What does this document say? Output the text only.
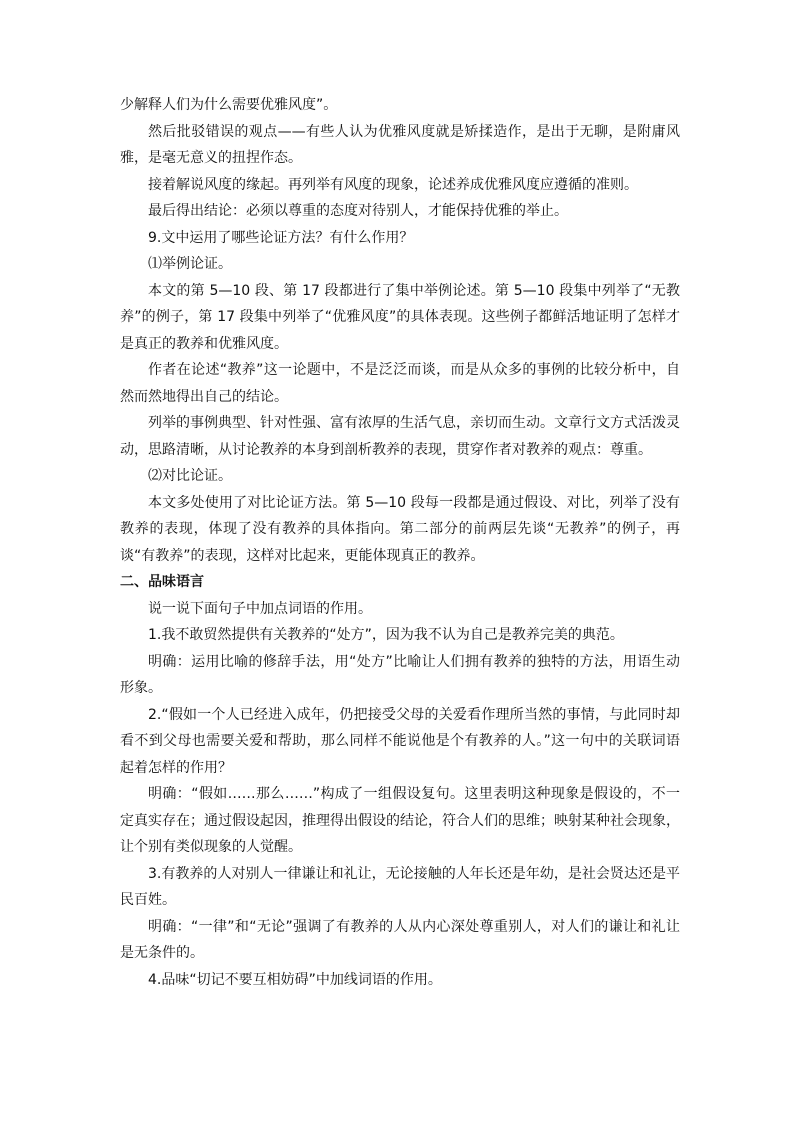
少解释人们为什么需要优雅风度”。

然后批驳错误的观点——有些人认为优雅风度就是矫揉造作，是出于无聊，是附庸风雅，是毫无意义的扭捏作态。

接着解说风度的缘起。再列举有风度的现象，论述养成优雅风度应遵循的准则。

最后得出结论：必须以尊重的态度对待别人，才能保持优雅的举止。

9.文中运用了哪些论证方法？有什么作用？

⑴举例论证。

本文的第 5—10 段、第 17 段都进行了集中举例论述。第 5—10 段集中列举了“无教养”的例子，第 17 段集中列举了“优雅风度”的具体表现。这些例子都鲜活地证明了怎样才是真正的教养和优雅风度。

作者在论述“教养”这一论题中，不是泛泛而谈，而是从众多的事例的比较分析中，自然而然地得出自己的结论。

列举的事例典型、针对性强、富有浓厚的生活气息，亲切而生动。文章行文方式活泼灵动，思路清晰，从讨论教养的本身到剖析教养的表现，贯穿作者对教养的观点：尊重。

⑵对比论证。

本文多处使用了对比论证方法。第 5—10 段每一段都是通过假设、对比，列举了没有教养的表现，体现了没有教养的具体指向。第二部分的前两层先谈“无教养”的例子，再谈“有教养”的表现，这样对比起来，更能体现真正的教养。

二、品味语言

说一说下面句子中加点词语的作用。

1.我不敢贸然提供有关教养的“处方”，因为我不认为自己是教养完美的典范。

明确：运用比喻的修辞手法，用“处方”比喻让人们拥有教养的独特的方法，用语生动形象。

2.“假如一个人已经进入成年，仍把接受父母的关爱看作理所当然的事情，与此同时却看不到父母也需要关爱和帮助，那么同样不能说他是个有教养的人。”这一句中的关联词语起着怎样的作用？

明确：“假如……那么……”构成了一组假设复句。这里表明这种现象是假设的，不一定真实存在；通过假设起因，推理得出假设的结论，符合人们的思维；映射某种社会现象，让个别有类似现象的人觉醒。

3.有教养的人对别人一律谦让和礼让，无论接触的人年长还是年幼，是社会贤达还是平民百姓。

明确：“一律”和“无论”强调了有教养的人从内心深处尊重别人，对人们的谦让和礼让是无条件的。

4.品味“切记不要互相妨碍”中加线词语的作用。
